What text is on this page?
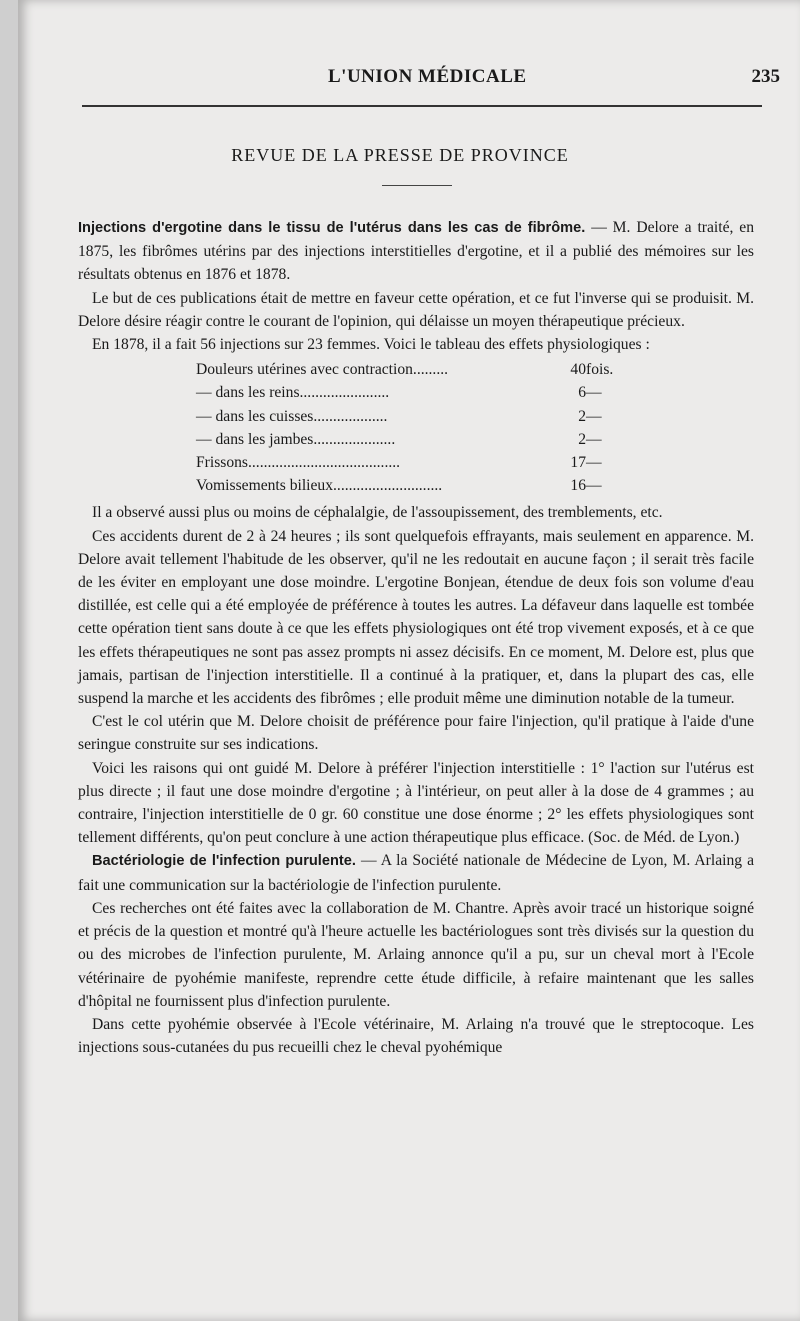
L'UNION MÉDICALE	235
REVUE DE LA PRESSE DE PROVINCE

Injections d'ergotine dans le tissu de l'utérus dans les cas de fibrôme. — M. Delore a traité, en 1875, les fibrômes utérins par des injections interstitielles d'ergotine, et il a publié des mémoires sur les résultats obtenus en 1876 et 1878.

Le but de ces publications était de mettre en faveur cette opération, et ce fut l'inverse qui se produisit. M. Delore désire réagir contre le courant de l'opinion, qui délaisse un moyen thérapeutique précieux.

En 1878, il a fait 56 injections sur 23 femmes. Voici le tableau des effets physiologiques :

Douleurs utérines avec contraction.........	40	fois.
— dans les reins.......................	6	—
— dans les cuisses...................	2	—
— dans les jambes.....................	2	—
Frissons.......................................	17	—
Vomissements bilieux............................	16	—

Il a observé aussi plus ou moins de céphalalgie, de l'assoupissement, des tremblements, etc.

Ces accidents durent de 2 à 24 heures ; ils sont quelquefois effrayants, mais seulement en apparence. M. Delore avait tellement l'habitude de les observer, qu'il ne les redoutait en aucune façon ; il serait très facile de les éviter en employant une dose moindre. L'ergotine Bonjean, étendue de deux fois son volume d'eau distillée, est celle qui a été employée de préférence à toutes les autres. La défaveur dans laquelle est tombée cette opération tient sans doute à ce que les effets physiologiques ont été trop vivement exposés, et à ce que les effets thérapeutiques ne sont pas assez prompts ni assez décisifs. En ce moment, M. Delore est, plus que jamais, partisan de l'injection interstitielle. Il a continué à la pratiquer, et, dans la plupart des cas, elle suspend la marche et les accidents des fibrômes ; elle produit même une diminution notable de la tumeur.

C'est le col utérin que M. Delore choisit de préférence pour faire l'injection, qu'il pratique à l'aide d'une seringue construite sur ses indications.

Voici les raisons qui ont guidé M. Delore à préférer l'injection interstitielle : 1° l'action sur l'utérus est plus directe ; il faut une dose moindre d'ergotine ; à l'intérieur, on peut aller à la dose de 4 grammes ; au contraire, l'injection interstitielle de 0 gr. 60 constitue une dose énorme ; 2° les effets physiologiques sont tellement différents, qu'on peut conclure à une action thérapeutique plus efficace. (Soc. de Méd. de Lyon.)

Bactériologie de l'infection purulente. — A la Société nationale de Médecine de Lyon, M. Arlaing a fait une communication sur la bactériologie de l'infection purulente.

Ces recherches ont été faites avec la collaboration de M. Chantre. Après avoir tracé un historique soigné et précis de la question et montré qu'à l'heure actuelle les bactériologues sont très divisés sur la question du ou des microbes de l'infection purulente, M. Arlaing annonce qu'il a pu, sur un cheval mort à l'Ecole vétérinaire de pyohémie manifeste, reprendre cette étude difficile, à refaire maintenant que les salles d'hôpital ne fournissent plus d'infection purulente.

Dans cette pyohémie observée à l'Ecole vétérinaire, M. Arlaing n'a trouvé que le streptocoque. Les injections sous-cutanées du pus recueilli chez le cheval pyohémique
